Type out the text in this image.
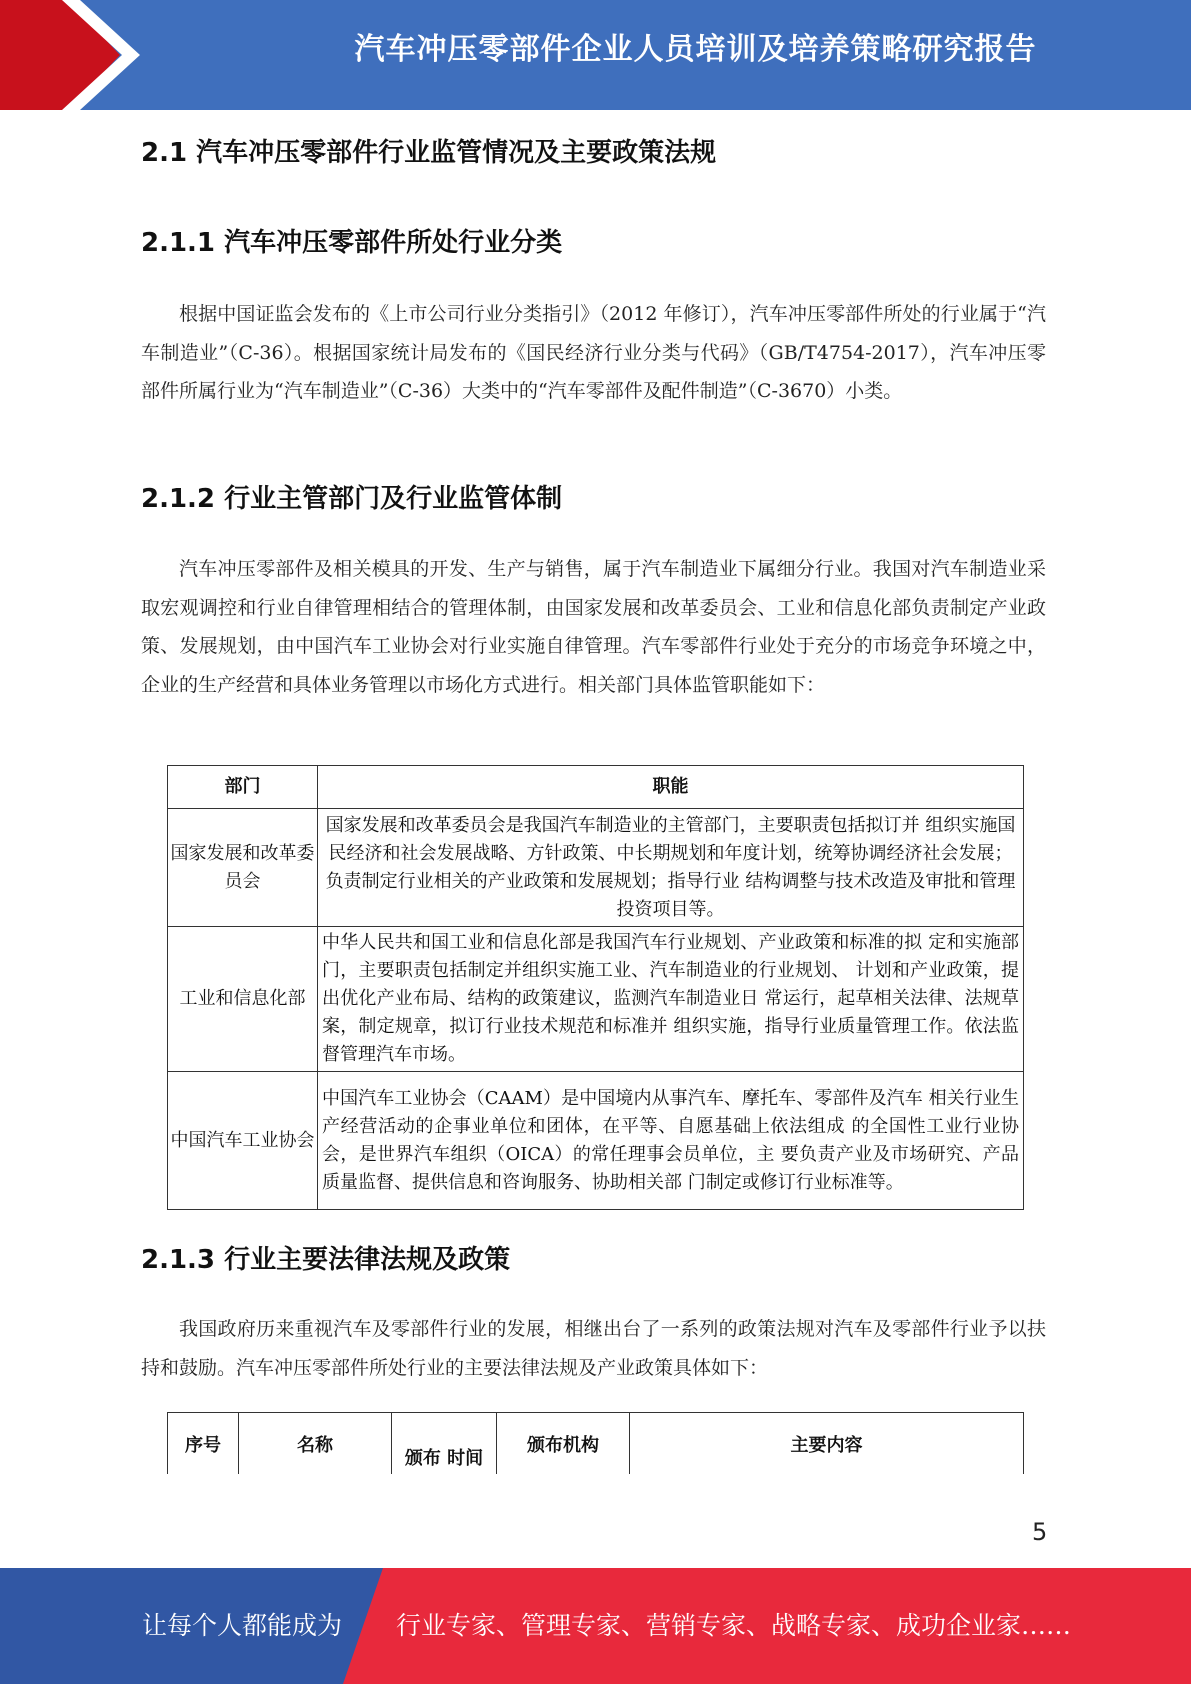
汽车冲压零部件企业人员培训及培养策略研究报告
2.1 汽车冲压零部件行业监管情况及主要政策法规
2.1.1 汽车冲压零部件所处行业分类
根据中国证监会发布的《上市公司行业分类指引》（2012 年修订），汽车冲压零部件所处的行业属于“汽车制造业”（C-36）。根据国家统计局发布的《国民经济行业分类与代码》（GB/T4754-2017），汽车冲压零部件所属行业为“汽车制造业”（C-36）大类中的“汽车零部件及配件制造”（C-3670）小类。
2.1.2 行业主管部门及行业监管体制
汽车冲压零部件及相关模具的开发、生产与销售，属于汽车制造业下属细分行业。我国对汽车制造业采取宏观调控和行业自律管理相结合的管理体制，由国家发展和改革委员会、工业和信息化部负责制定产业政策、发展规划，由中国汽车工业协会对行业实施自律管理。汽车零部件行业处于充分的市场竞争环境之中，企业的生产经营和具体业务管理以市场化方式进行。相关部门具体监管职能如下：
部门	职能
国家发展和改革委员会	国家发展和改革委员会是我国汽车制造业的主管部门，主要职责包括拟订并 组织实施国民经济和社会发展战略、方针政策、中长期规划和年度计划，统筹协调经济社会发展；负责制定行业相关的产业政策和发展规划；指导行业 结构调整与技术改造及审批和管理投资项目等。
工业和信息化部	中华人民共和国工业和信息化部是我国汽车行业规划、产业政策和标准的拟 定和实施部门，主要职责包括制定并组织实施工业、汽车制造业的行业规划、 计划和产业政策，提出优化产业布局、结构的政策建议，监测汽车制造业日 常运行，起草相关法律、法规草案，制定规章，拟订行业技术规范和标准并 组织实施，指导行业质量管理工作。依法监督管理汽车市场。
中国汽车工业协会	中国汽车工业协会（CAAM）是中国境内从事汽车、摩托车、零部件及汽车 相关行业生产经营活动的企事业单位和团体，在平等、自愿基础上依法组成 的全国性工业行业协会，是世界汽车组织（OICA）的常任理事会员单位，主 要负责产业及市场研究、产品质量监督、提供信息和咨询服务、协助相关部 门制定或修订行业标准等。
2.1.3 行业主要法律法规及政策
我国政府历来重视汽车及零部件行业的发展，相继出台了一系列的政策法规对汽车及零部件行业予以扶持和鼓励。汽车冲压零部件所处行业的主要法律法规及产业政策具体如下：
序号	名称	颁布 时间	颁布机构	主要内容
5
让每个人都能成为 行业专家、管理专家、营销专家、战略专家、成功企业家……
